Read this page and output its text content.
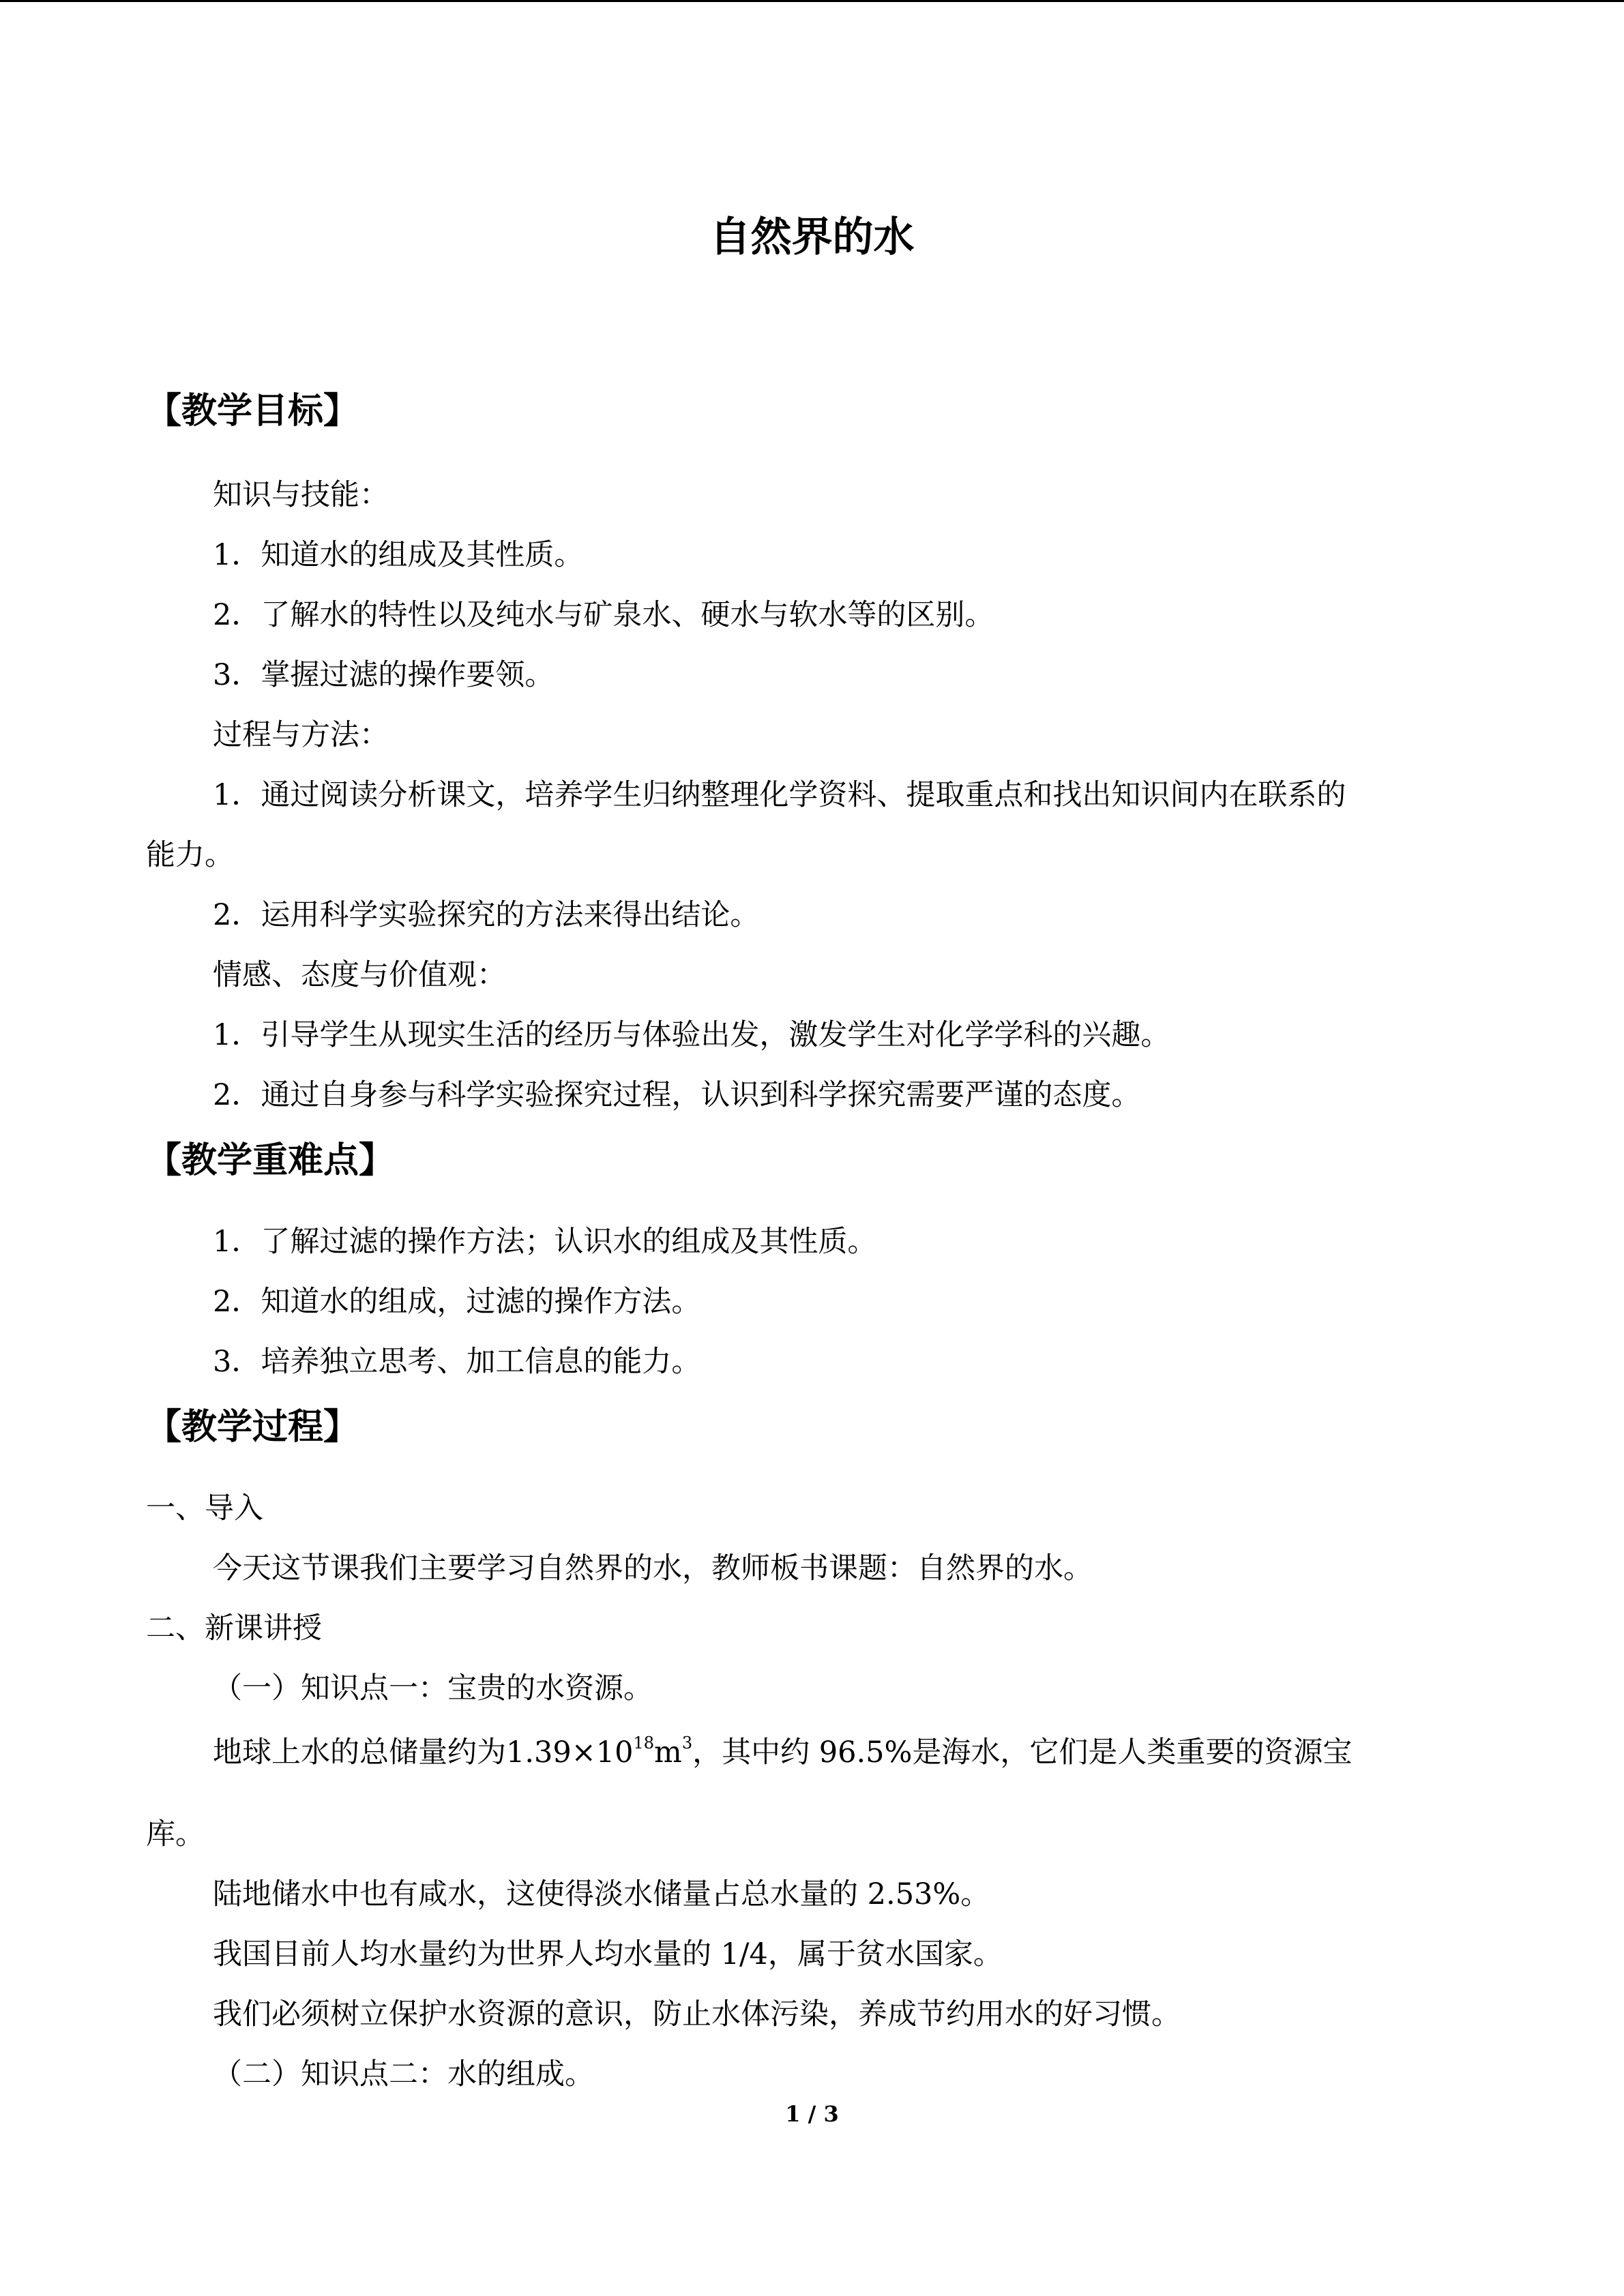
自然界的水
【教学目标】
知识与技能：
1．知道水的组成及其性质。
2．了解水的特性以及纯水与矿泉水、硬水与软水等的区别。
3．掌握过滤的操作要领。
过程与方法：
1．通过阅读分析课文，培养学生归纳整理化学资料、提取重点和找出知识间内在联系的
能力。
2．运用科学实验探究的方法来得出结论。
情感、态度与价值观：
1．引导学生从现实生活的经历与体验出发，激发学生对化学学科的兴趣。
2．通过自身参与科学实验探究过程，认识到科学探究需要严谨的态度。
【教学重难点】
1．了解过滤的操作方法；认识水的组成及其性质。
2．知道水的组成，过滤的操作方法。
3．培养独立思考、加工信息的能力。
【教学过程】
一、导入
今天这节课我们主要学习自然界的水，教师板书课题：自然界的水。
二、新课讲授
（一）知识点一：宝贵的水资源。
地球上水的总储量约为$1.39\times 10^{18}m^3$，其中约 96.5%是海水，它们是人类重要的资源宝
库。
陆地储水中也有咸水，这使得淡水储量占总水量的 2.53%。
我国目前人均水量约为世界人均水量的 1/4，属于贫水国家。
我们必须树立保护水资源的意识，防止水体污染，养成节约用水的好习惯。
（二）知识点二：水的组成。
1 / 3
